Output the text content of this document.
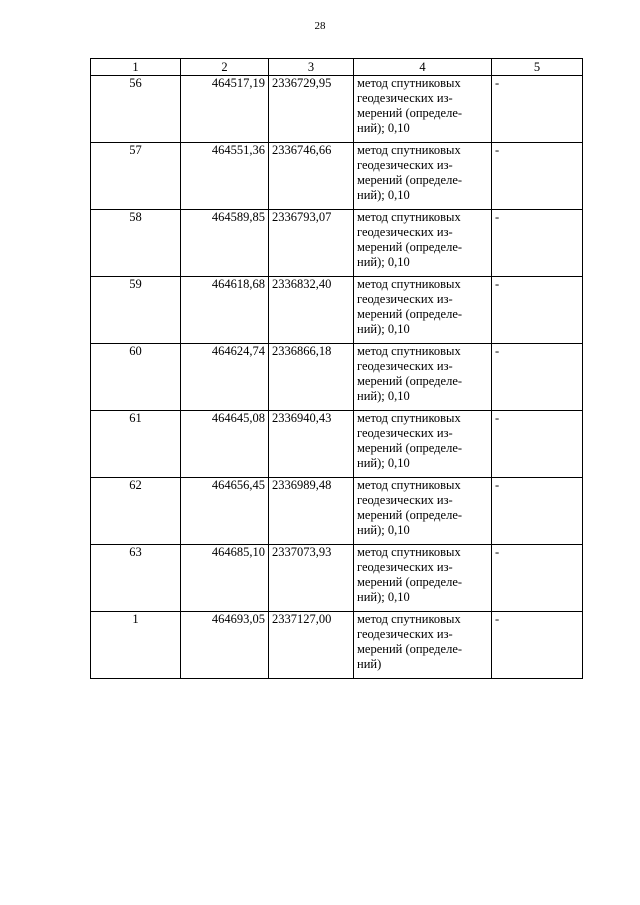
28
1	2	3	4	5
56	464517,19	2336729,95	метод спутниковых
геодезических из-
мерений (определе-
ний); 0,10	-
57	464551,36	2336746,66	метод спутниковых
геодезических из-
мерений (определе-
ний); 0,10	-
58	464589,85	2336793,07	метод спутниковых
геодезических из-
мерений (определе-
ний); 0,10	-
59	464618,68	2336832,40	метод спутниковых
геодезических из-
мерений (определе-
ний); 0,10	-
60	464624,74	2336866,18	метод спутниковых
геодезических из-
мерений (определе-
ний); 0,10	-
61	464645,08	2336940,43	метод спутниковых
геодезических из-
мерений (определе-
ний); 0,10	-
62	464656,45	2336989,48	метод спутниковых
геодезических из-
мерений (определе-
ний); 0,10	-
63	464685,10	2337073,93	метод спутниковых
геодезических из-
мерений (определе-
ний); 0,10	-
1	464693,05	2337127,00	метод спутниковых
геодезических из-
мерений (определе-
ний)	-
